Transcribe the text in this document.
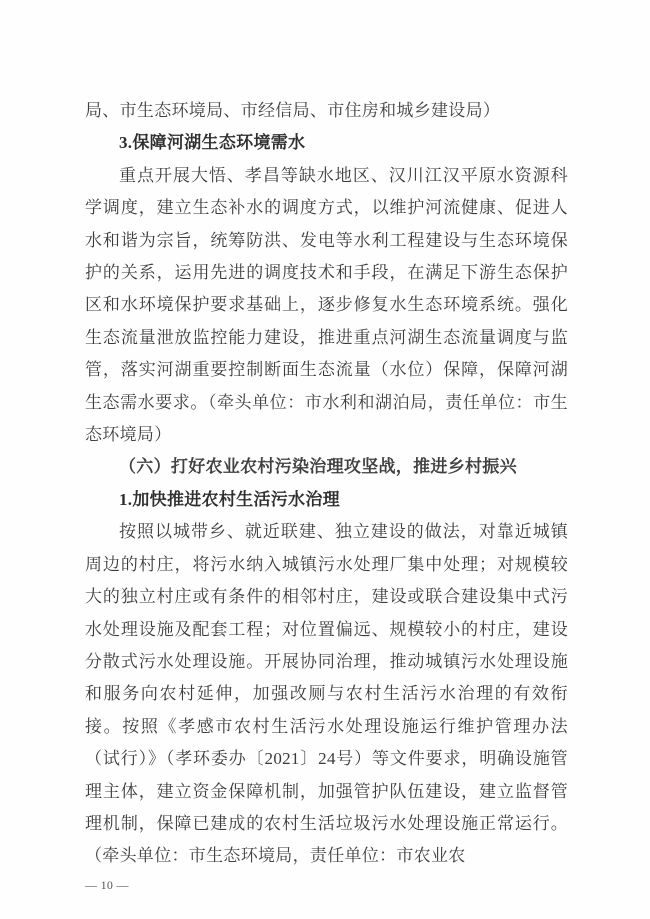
局、市生态环境局、市经信局、市住房和城乡建设局）

3.保障河湖生态环境需水

重点开展大悟、孝昌等缺水地区、汉川江汉平原水资源科学调度，建立生态补水的调度方式，以维护河流健康、促进人水和谐为宗旨，统筹防洪、发电等水利工程建设与生态环境保护的关系，运用先进的调度技术和手段，在满足下游生态保护区和水环境保护要求基础上，逐步修复水生态环境系统。强化生态流量泄放监控能力建设，推进重点河湖生态流量调度与监管，落实河湖重要控制断面生态流量（水位）保障，保障河湖生态需水要求。（牵头单位：市水利和湖泊局，责任单位：市生态环境局）

（六）打好农业农村污染治理攻坚战，推进乡村振兴

1.加快推进农村生活污水治理

按照以城带乡、就近联建、独立建设的做法，对靠近城镇周边的村庄，将污水纳入城镇污水处理厂集中处理；对规模较大的独立村庄或有条件的相邻村庄，建设或联合建设集中式污水处理设施及配套工程；对位置偏远、规模较小的村庄，建设分散式污水处理设施。开展协同治理，推动城镇污水处理设施和服务向农村延伸，加强改厕与农村生活污水治理的有效衔接。按照《孝感市农村生活污水处理设施运行维护管理办法（试行）》（孝环委办〔2021〕24号）等文件要求，明确设施管理主体，建立资金保障机制，加强管护队伍建设，建立监督管理机制，保障已建成的农村生活垃圾污水处理设施正常运行。（牵头单位：市生态环境局，责任单位：市农业农

— 10 —
